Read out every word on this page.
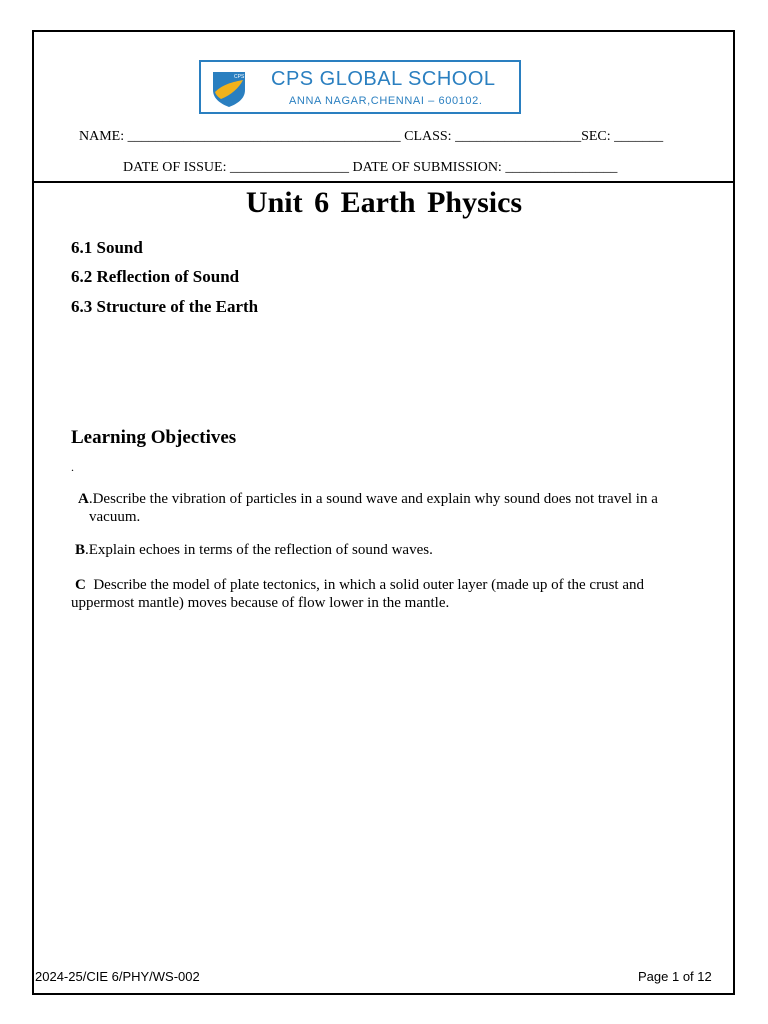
CPS CPS GLOBAL SCHOOL
ANNA NAGAR,CHENNAI – 600102.
NAME: _______________________________________ CLASS: __________________SEC: _______
DATE OF ISSUE: _________________ DATE OF SUBMISSION: ________________
Unit 6 Earth Physics
6.1 Sound
6.2 Reflection of Sound
6.3 Structure of the Earth
Learning Objectives
.
A.Describe the vibration of particles in a sound wave and explain why sound does not travel in a
vacuum.
B.Explain echoes in terms of the reflection of sound waves.
C Describe the model of plate tectonics, in which a solid outer layer (made up of the crust and
uppermost mantle) moves because of flow lower in the mantle.
2024-25/CIE 6/PHY/WS-002	Page 1 of 12
